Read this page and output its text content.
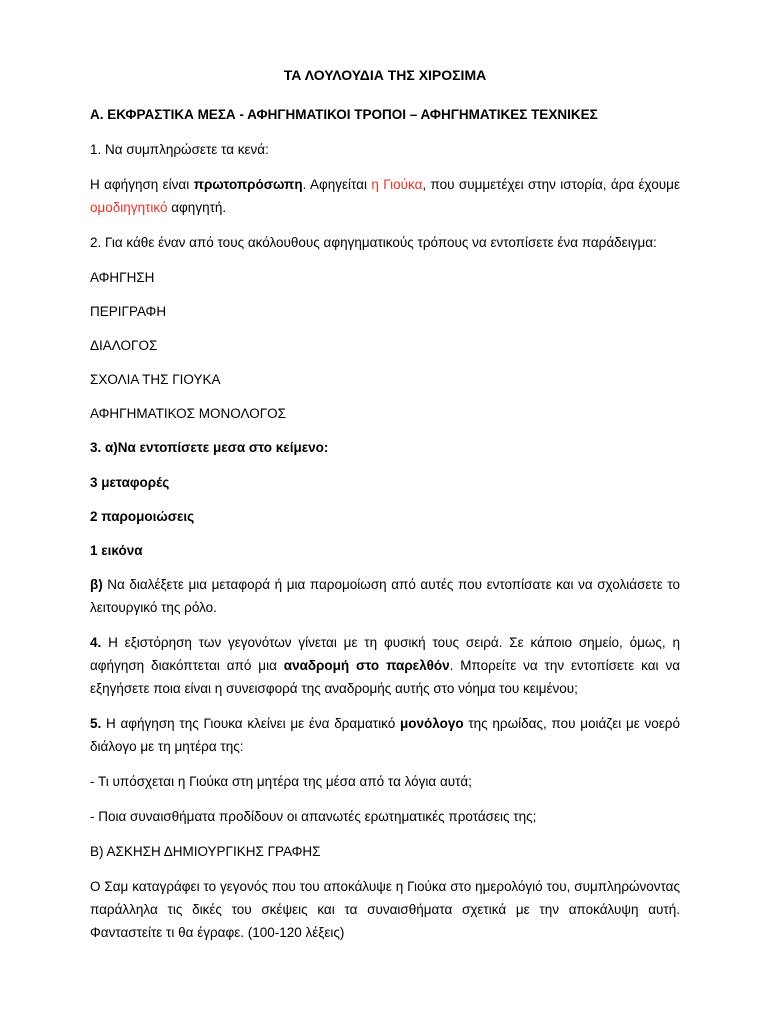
ΤΑ ΛΟΥΛΟΥΔΙΑ ΤΗΣ ΧΙΡΟΣΙΜΑ
Α. ΕΚΦΡΑΣΤΙΚΑ ΜΕΣΑ - ΑΦΗΓΗΜΑΤΙΚΟΙ ΤΡΟΠΟΙ – ΑΦΗΓΗΜΑΤΙΚΕΣ ΤΕΧΝΙΚΕΣ
1. Να συμπληρώσετε τα κενά:
Η αφήγηση είναι πρωτοπρόσωπη. Αφηγείται η Γιούκα, που συμμετέχει στην ιστορία, άρα έχουμε ομοδιηγητικό αφηγητή.
2. Για κάθε έναν από τους ακόλουθους αφηγηματικούς τρόπους να εντοπίσετε ένα παράδειγμα:
ΑΦΗΓΗΣΗ
ΠΕΡΙΓΡΑΦΗ
ΔΙΑΛΟΓΟΣ
ΣΧΟΛΙΑ ΤΗΣ ΓΙΟΥΚΑ
ΑΦΗΓΗΜΑΤΙΚΟΣ ΜΟΝΟΛΟΓΟΣ
3. α)Να εντοπίσετε μεσα στο κείμενο:
3 μεταφορές
2 παρομοιώσεις
1 εικόνα
β) Να διαλέξετε μια μεταφορά ή μια παρομοίωση από αυτές που εντοπίσατε και να σχολιάσετε το λειτουργικό της ρόλο.
4. Η εξιστόρηση των γεγονότων γίνεται με τη φυσική τους σειρά. Σε κάποιο σημείο, όμως, η αφήγηση διακόπτεται από μια αναδρομή στο παρελθόν. Μπορείτε να την εντοπίσετε και να εξηγήσετε ποια είναι η συνεισφορά της αναδρομής αυτής στο νόημα του κειμένου;
5. Η αφήγηση της Γιουκα κλείνει με ένα δραματικό μονόλογο της ηρωίδας, που μοιάζει με νοερό διάλογο με τη μητέρα της:
- Τι υπόσχεται η Γιούκα στη μητέρα της μέσα από τα λόγια αυτά;
- Ποια συναισθήματα προδίδουν οι απανωτές ερωτηματικές προτάσεις της;
Β) ΑΣΚΗΣΗ ΔΗΜΙΟΥΡΓΙΚΗΣ ΓΡΑΦΗΣ
Ο Σαμ καταγράφει το γεγονός που του αποκάλυψε η Γιούκα στο ημερολόγιό του, συμπληρώνοντας παράλληλα τις δικές του σκέψεις και τα συναισθήματα σχετικά με την αποκάλυψη αυτή. Φανταστείτε τι θα έγραφε. (100-120 λέξεις)
